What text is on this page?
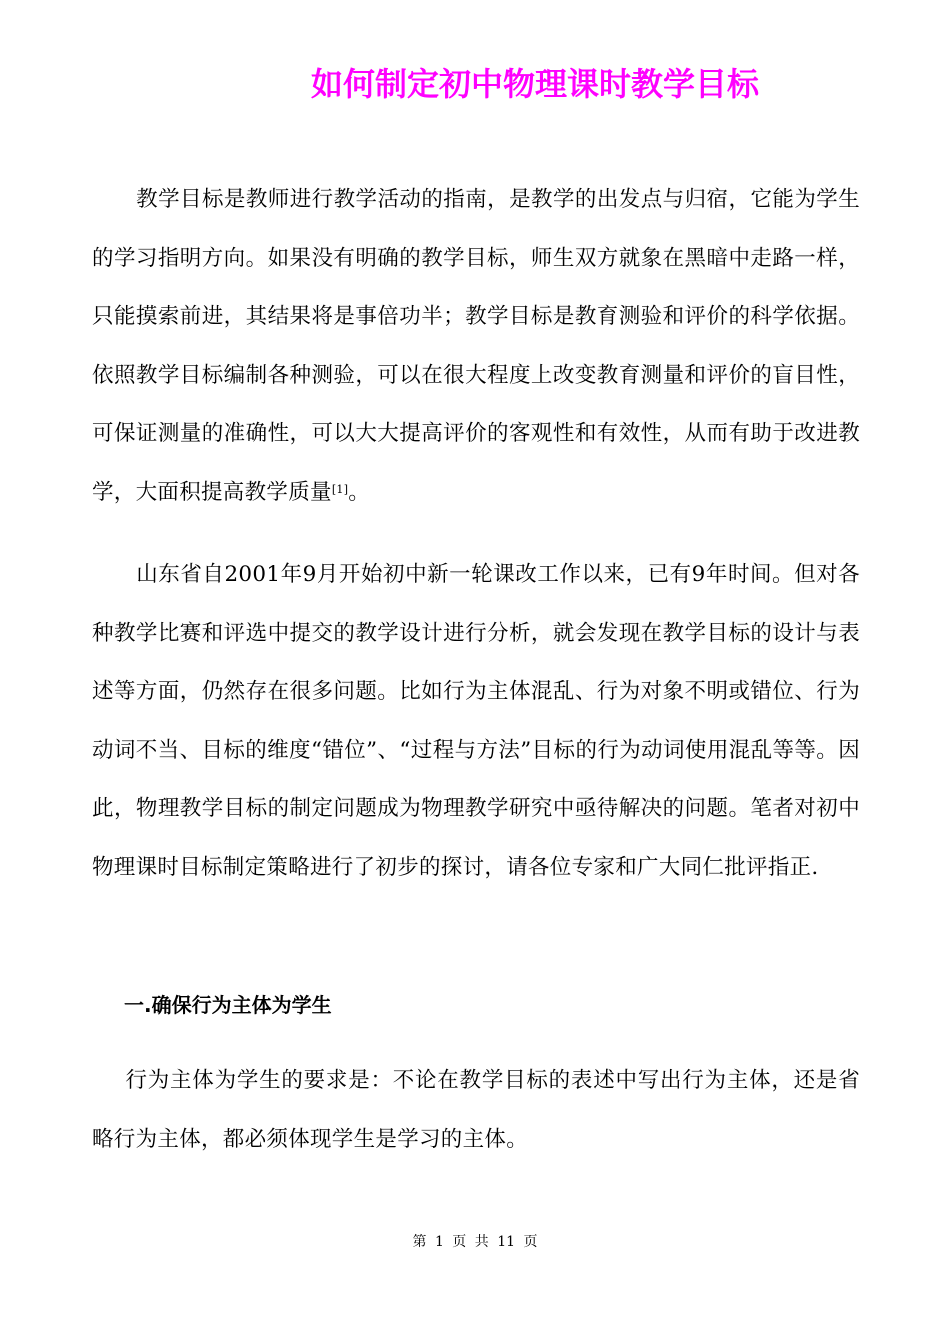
如何制定初中物理课时教学目标

教学目标是教师进行教学活动的指南，是教学的出发点与归宿，它能为学生的学习指明方向。如果没有明确的教学目标，师生双方就象在黑暗中走路一样，只能摸索前进，其结果将是事倍功半；教学目标是教育测验和评价的科学依据。依照教学目标编制各种测验，可以在很大程度上改变教育测量和评价的盲目性，可保证测量的准确性，可以大大提高评价的客观性和有效性，从而有助于改进教学，大面积提高教学质量[1]。

山东省自2001年9月开始初中新一轮课改工作以来，已有9年时间。但对各种教学比赛和评选中提交的教学设计进行分析，就会发现在教学目标的设计与表述等方面，仍然存在很多问题。比如行为主体混乱、行为对象不明或错位、行为动词不当、目标的维度“错位”、“过程与方法”目标的行为动词使用混乱等等。因此，物理教学目标的制定问题成为物理教学研究中亟待解决的问题。笔者对初中物理课时目标制定策略进行了初步的探讨，请各位专家和广大同仁批评指正.

一.确保行为主体为学生

行为主体为学生的要求是：不论在教学目标的表述中写出行为主体，还是省略行为主体，都必须体现学生是学习的主体。

第 1 页 共 11 页
